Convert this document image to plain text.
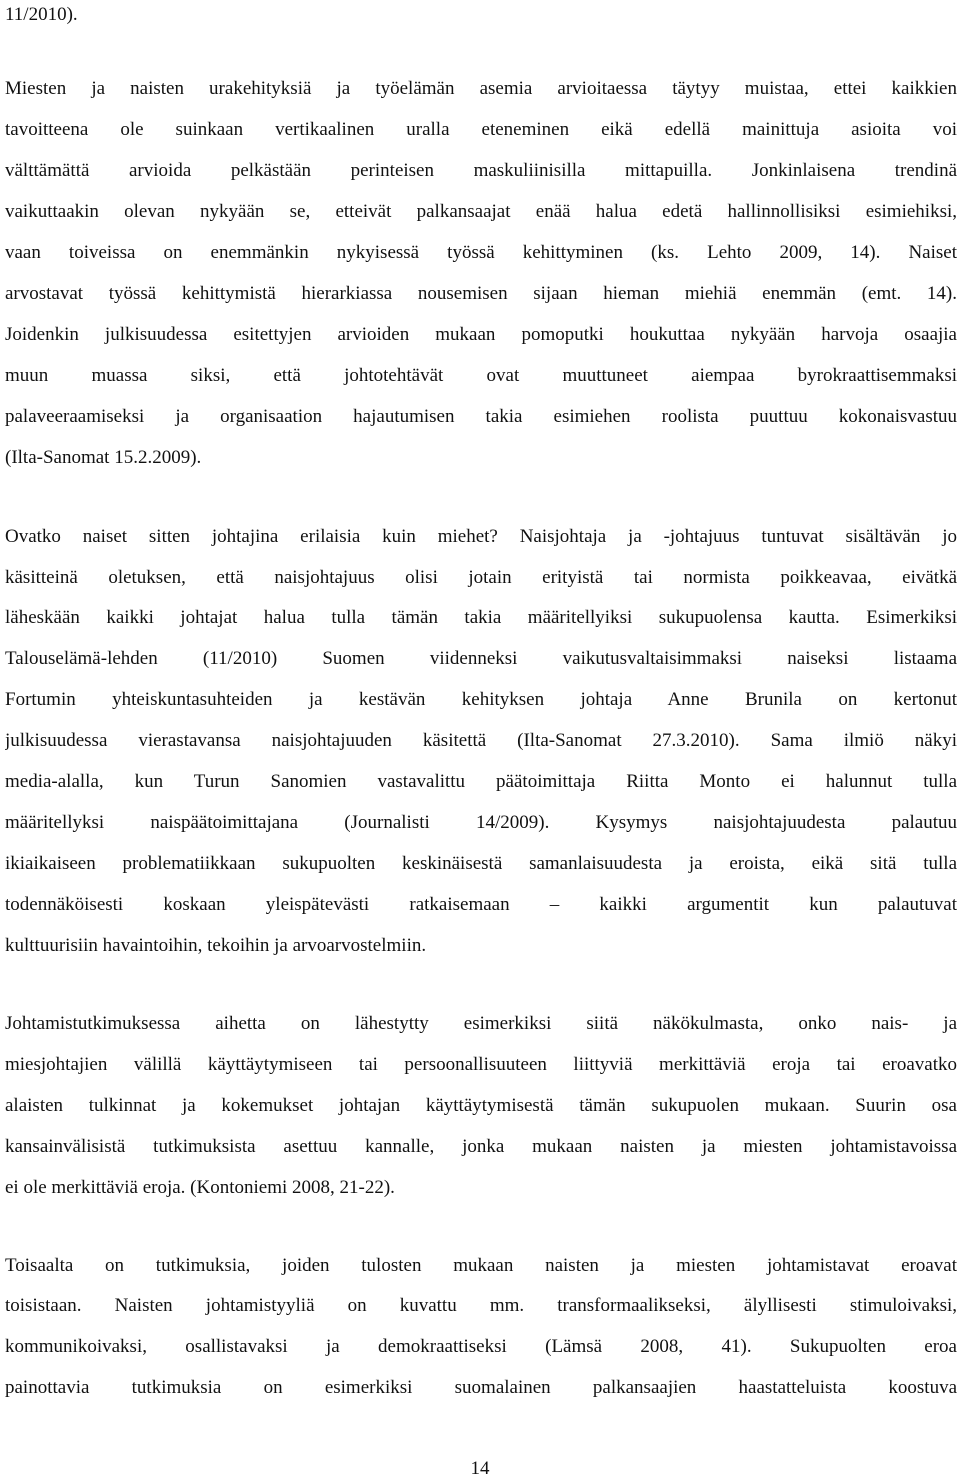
11/2010).
Miesten ja naisten urakehityksiä ja työelämän asemia arvioitaessa täytyy muistaa, ettei kaikkien
tavoitteena ole suinkaan vertikaalinen uralla eteneminen eikä edellä mainittuja asioita voi
välttämättä arvioida pelkästään perinteisen maskuliinisilla mittapuilla. Jonkinlaisena trendinä
vaikuttaakin olevan nykyään se, etteivät palkansaajat enää halua edetä hallinnollisiksi esimiehiksi,
vaan toiveissa on enemmänkin nykyisessä työssä kehittyminen (ks. Lehto 2009, 14). Naiset
arvostavat työssä kehittymistä hierarkiassa nousemisen sijaan hieman miehiä enemmän (emt. 14).
Joidenkin julkisuudessa esitettyjen arvioiden mukaan pomoputki houkuttaa nykyään harvoja osaajia
muun muassa siksi, että johtotehtävät ovat muuttuneet aiempaa byrokraattisemmaksi
palaveeraamiseksi ja organisaation hajautumisen takia esimiehen roolista puuttuu kokonaisvastuu
(Ilta-Sanomat 15.2.2009).
Ovatko naiset sitten johtajina erilaisia kuin miehet? Naisjohtaja ja -johtajuus tuntuvat sisältävän jo
käsitteinä oletuksen, että naisjohtajuus olisi jotain erityistä tai normista poikkeavaa, eivätkä
läheskään kaikki johtajat halua tulla tämän takia määritellyiksi sukupuolensa kautta. Esimerkiksi
Talouselämä-lehden (11/2010) Suomen viidenneksi vaikutusvaltaisimmaksi naiseksi listaama
Fortumin yhteiskuntasuhteiden ja kestävän kehityksen johtaja Anne Brunila on kertonut
julkisuudessa vierastavansa naisjohtajuuden käsitettä (Ilta-Sanomat 27.3.2010). Sama ilmiö näkyi
media-alalla, kun Turun Sanomien vastavalittu päätoimittaja Riitta Monto ei halunnut tulla
määritellyksi naispäätoimittajana (Journalisti 14/2009). Kysymys naisjohtajuudesta palautuu
ikiaikaiseen problematiikkaan sukupuolten keskinäisestä samanlaisuudesta ja eroista, eikä sitä tulla
todennäköisesti koskaan yleispätevästi ratkaisemaan – kaikki argumentit kun palautuvat
kulttuurisiin havaintoihin, tekoihin ja arvoarvostelmiin.
Johtamistutkimuksessa aihetta on lähestytty esimerkiksi siitä näkökulmasta, onko nais- ja
miesjohtajien välillä käyttäytymiseen tai persoonallisuuteen liittyviä merkittäviä eroja tai eroavatko
alaisten tulkinnat ja kokemukset johtajan käyttäytymisestä tämän sukupuolen mukaan. Suurin osa
kansainvälisistä tutkimuksista asettuu kannalle, jonka mukaan naisten ja miesten johtamistavoissa
ei ole merkittäviä eroja. (Kontoniemi 2008, 21-22).
Toisaalta on tutkimuksia, joiden tulosten mukaan naisten ja miesten johtamistavat eroavat
toisistaan. Naisten johtamistyyliä on kuvattu mm. transformaalikseksi, älyllisesti stimuloivaksi,
kommunikoivaksi, osallistavaksi ja demokraattiseksi (Lämsä 2008, 41). Sukupuolten eroa
painottavia tutkimuksia on esimerkiksi suomalainen palkansaajien haastatteluista koostuva
14
